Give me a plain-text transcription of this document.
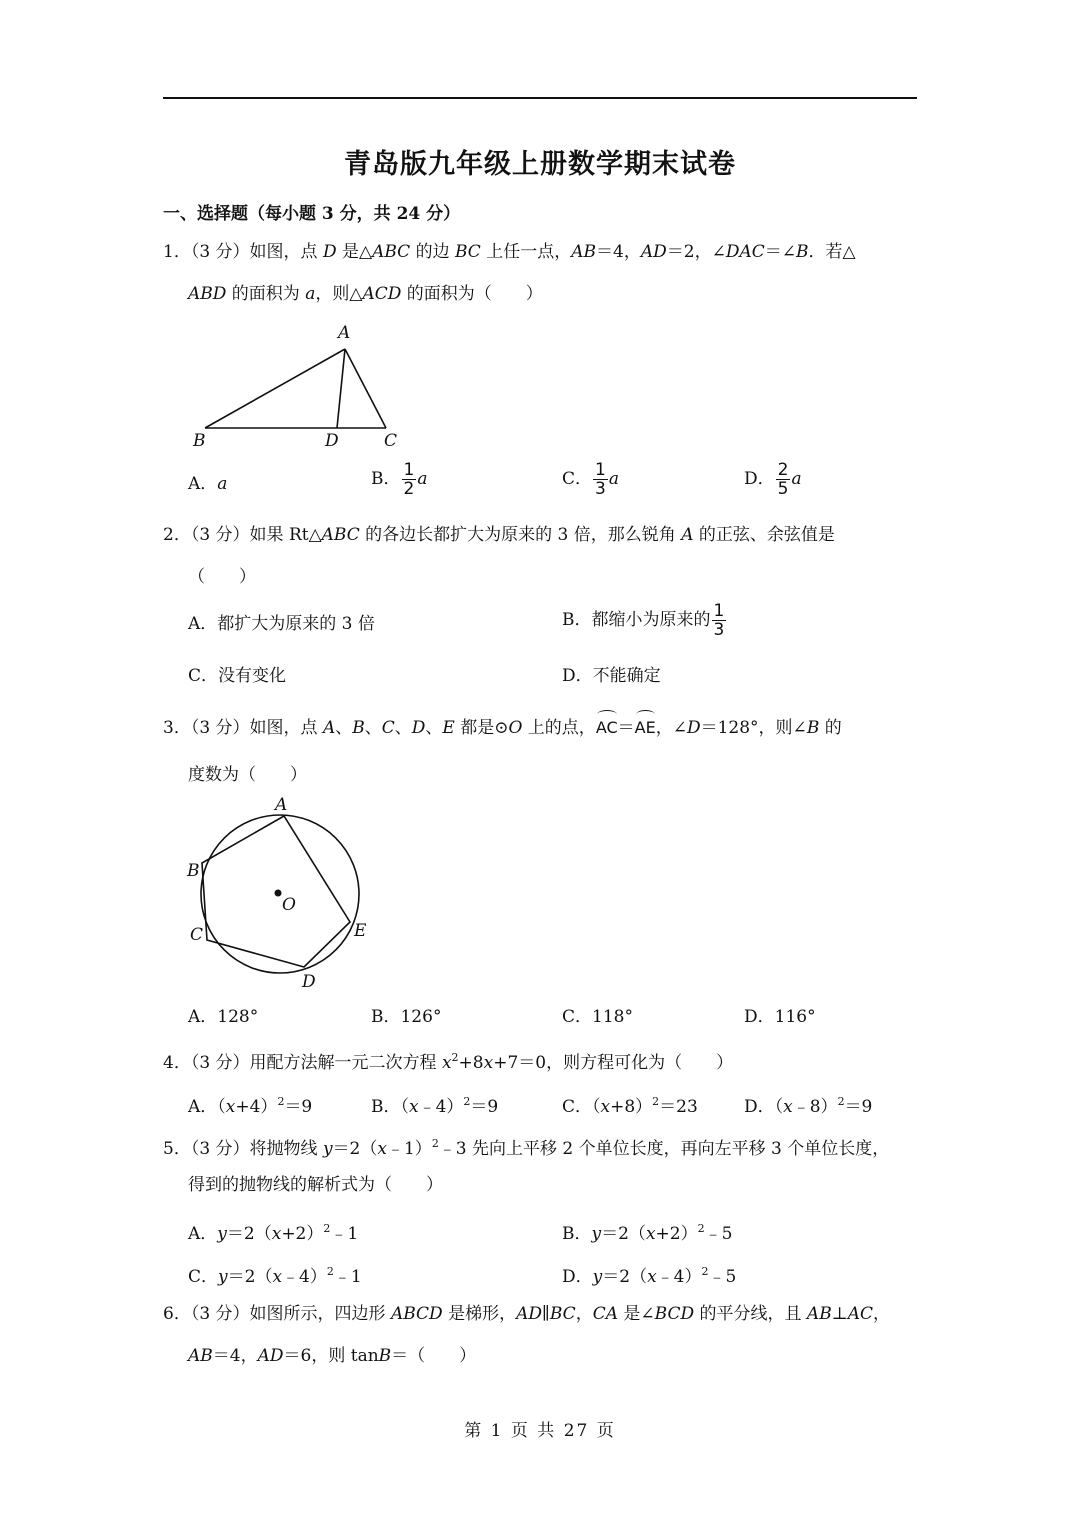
青岛版九年级上册数学期末试卷
一、选择题（每小题 3 分，共 24 分）
1．（3 分）如图，点 D 是△ABC 的边 BC 上任一点，AB＝4，AD＝2，∠DAC＝∠B．若△
ABD 的面积为 a，则△ACD 的面积为（　　）
A
B	D	C
A．a	B． $\frac{1}{2}$ a	C． $\frac{1}{3}$ a	D． $\frac{2}{5}$ a
2．（3 分）如果 Rt△ABC 的各边长都扩大为原来的 3 倍，那么锐角 A 的正弦、余弦值是
（　　）
A．都扩大为原来的 3 倍	B．都缩小为原来的 $\frac{1}{3}$
C．没有变化	D．不能确定
3．（3 分）如图，点 A、B、C、D、E 都是⊙O 上的点，AC＝AE，∠D＝128°，则∠B 的
度数为（　　）
A
B
O
C	E
D
A．128°	B．126°	C．118°	D．116°
4．（3 分）用配方法解一元二次方程 $x^2+8x+7=0$，则方程可化为（　　）
A．$(x+4)^2=9$	B．（x﹣4）$^2$＝9	C．$(x+8)^2=23$	D．（x﹣8）$^2$＝9
5．（3 分）将抛物线 y＝2（x﹣1）$^2$﹣3 先向上平移 2 个单位长度，再向左平移 3 个单位长度，
得到的抛物线的解析式为（　　）
A．$y=2(x+2)^2﹣1$	B．$y=2(x+2)^2﹣5$
C．y＝2（x﹣4）$^2$﹣1	D．y＝2（x﹣4）$^2$﹣5
6．（3 分）如图所示，四边形 ABCD 是梯形，AD∥BC，CA 是∠BCD 的平分线，且 AB⊥AC，
AB＝4，AD＝6，则 tanB＝（　　）
第 1 页 共 27 页
